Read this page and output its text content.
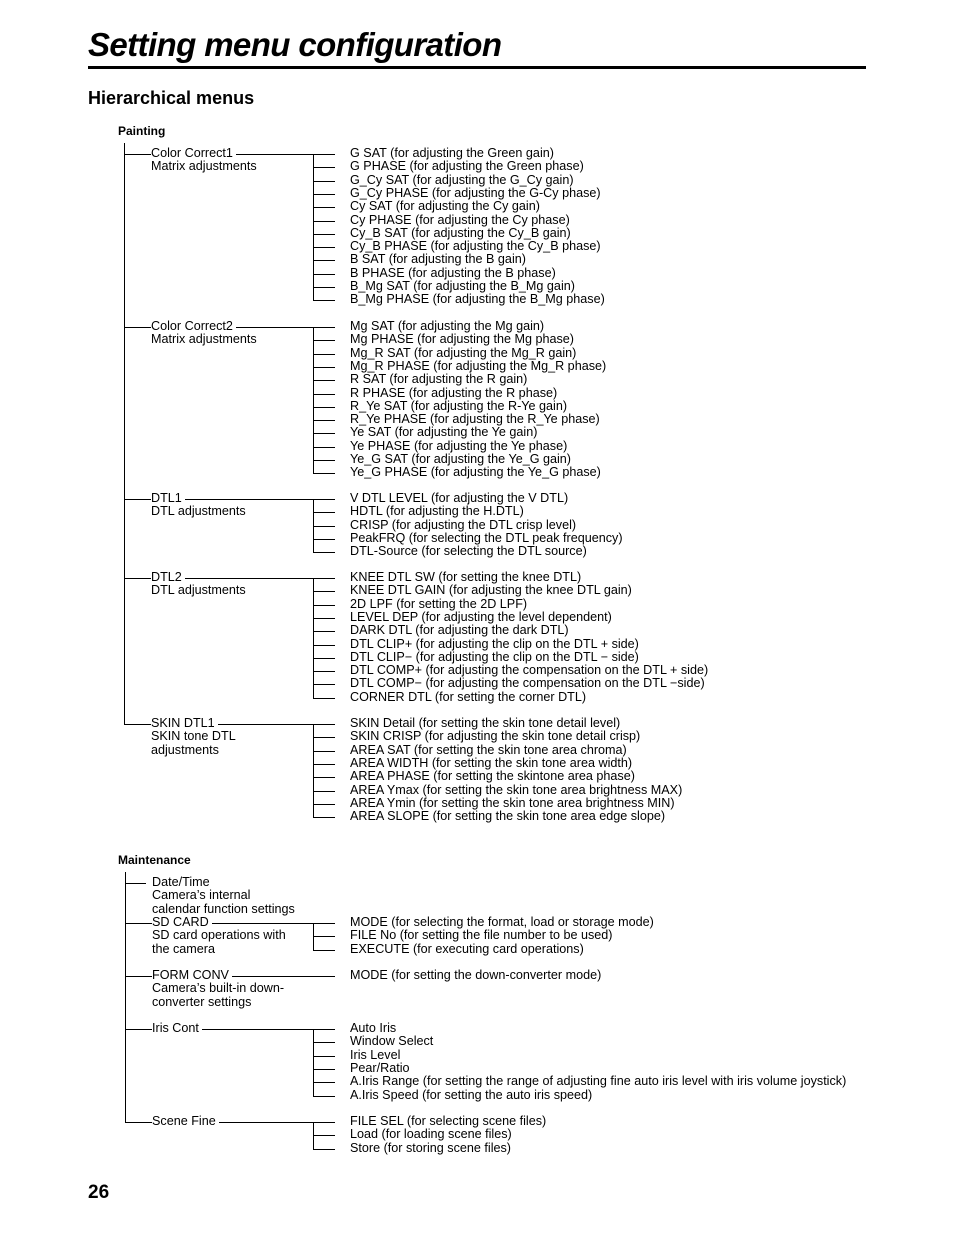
Setting menu configuration
Hierarchical menus
Painting
Maintenance
Color Correct1
Matrix adjustments
G SAT (for adjusting the Green gain)
G PHASE (for adjusting the Green phase)
G_Cy SAT (for adjusting the G_Cy gain)
G_Cy PHASE (for adjusting the G-Cy phase)
Cy SAT (for adjusting the Cy gain)
Cy PHASE (for adjusting the Cy phase)
Cy_B SAT (for adjusting the Cy_B gain)
Cy_B PHASE (for adjusting the Cy_B phase)
B SAT (for adjusting the B gain)
B PHASE (for adjusting the B phase)
B_Mg SAT (for adjusting the B_Mg gain)
B_Mg PHASE (for adjusting the B_Mg phase)
Color Correct2
Matrix adjustments
Mg SAT (for adjusting the Mg gain)
Mg PHASE (for adjusting the Mg phase)
Mg_R SAT (for adjusting the Mg_R gain)
Mg_R PHASE (for adjusting the Mg_R phase)
R SAT (for adjusting the R gain)
R PHASE (for adjusting the R phase)
R_Ye SAT (for adjusting the R-Ye gain)
R_Ye PHASE (for adjusting the R_Ye phase)
Ye SAT (for adjusting the Ye gain)
Ye PHASE (for adjusting the Ye phase)
Ye_G SAT (for adjusting the Ye_G gain)
Ye_G PHASE (for adjusting the Ye_G phase)
DTL1
DTL adjustments
V DTL LEVEL (for adjusting the V DTL)
HDTL (for adjusting the H.DTL)
CRISP (for adjusting the DTL crisp level)
PeakFRQ (for selecting the DTL peak frequency)
DTL-Source (for selecting the DTL source)
DTL2
DTL adjustments
KNEE DTL SW (for setting the knee DTL)
KNEE DTL GAIN (for adjusting the knee DTL gain)
2D LPF (for setting the 2D LPF)
LEVEL DEP (for adjusting the level dependent)
DARK DTL (for adjusting the dark DTL)
DTL CLIP+ (for adjusting the clip on the DTL + side)
DTL CLIP− (for adjusting the clip on the DTL − side)
DTL COMP+ (for adjusting the compensation on the DTL + side)
DTL COMP− (for adjusting the compensation on the DTL −side)
CORNER DTL (for setting the corner DTL)
SKIN DTL1
SKIN tone DTL adjustments
SKIN Detail (for setting the skin tone detail level)
SKIN CRISP (for adjusting the skin tone detail crisp)
AREA SAT (for setting the skin tone area chroma)
AREA WIDTH (for setting the skin tone area width)
AREA PHASE (for setting the skintone area phase)
AREA Ymax (for setting the skin tone area brightness MAX)
AREA Ymin (for setting the skin tone area brightness MIN)
AREA SLOPE (for setting the skin tone area edge slope)
Date/Time
Camera’s internal calendar function settings
SD CARD
SD card operations with the camera
MODE (for selecting the format, load or storage mode)
FILE No (for setting the file number to be used)
EXECUTE (for executing card operations)
FORM CONV
Camera’s built-in down-converter settings
MODE (for setting the down-converter mode)
Iris Cont	Auto Iris
Window Select
Iris Level
Pear/Ratio
A.Iris Range (for setting the range of adjusting fine auto iris level with iris volume joystick)
A.Iris Speed (for setting the auto iris speed)
Scene Fine	FILE SEL (for selecting scene files)
Load (for loading scene files)
Store (for storing scene files)
26
